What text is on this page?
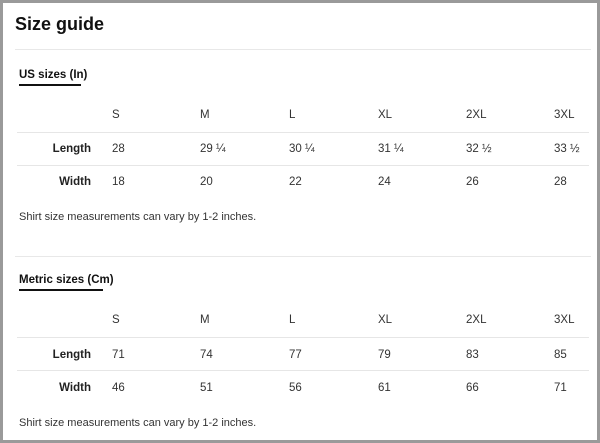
Size guide
US sizes (In)
S	M	L	XL	2XL	3XL
Length 28	29 ¼	30 ¼	31 ¼	32 ½	33 ½
Width 18	20	22	24	26	28
Shirt size measurements can vary by 1-2 inches.
Metric sizes (Cm)
S	M	L	XL	2XL	3XL
Length 71	74	77	79	83	85
Width 46	51	56	61	66	71
Shirt size measurements can vary by 1-2 inches.
